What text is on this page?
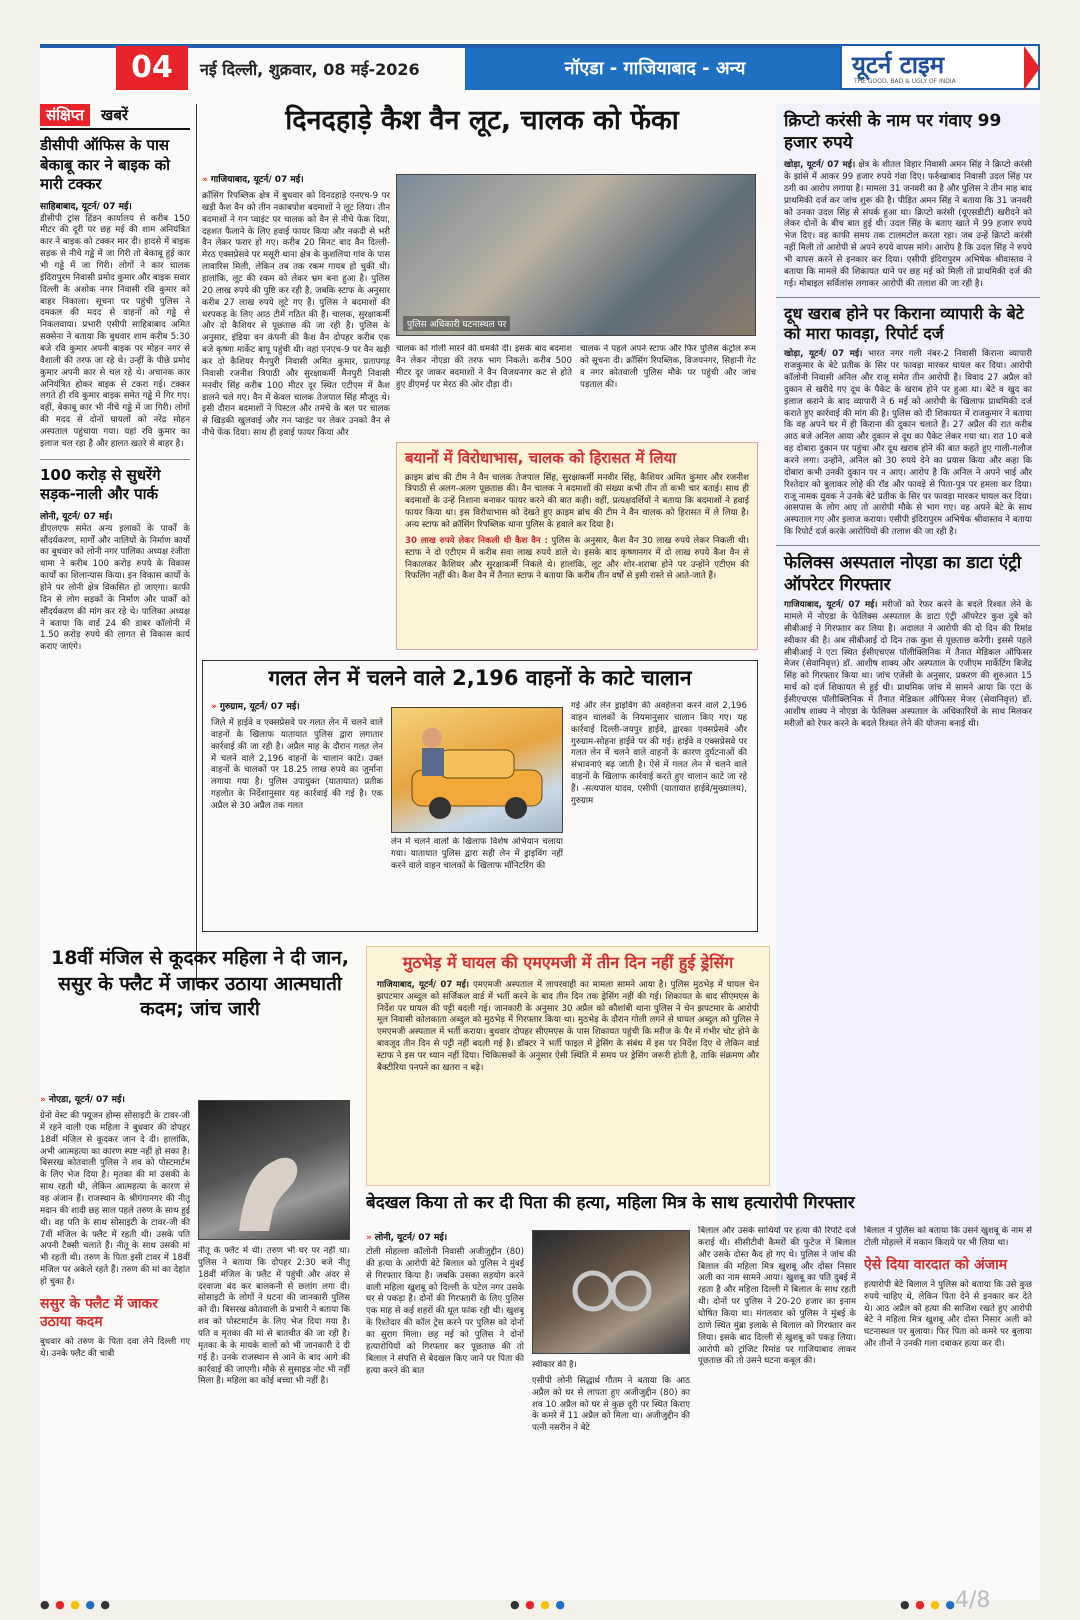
04	नई दिल्ली, शुक्रवार, 08 मई-2026	नॉएडा - गाजियाबाद - अन्य	यूटर्न टाइम
THE GOOD, BAD & UGLY OF INDIA
संक्षिप्त खबरें
डीसीपी ऑफिस के पास बेकाबू कार ने बाइक को मारी टक्कर
साहिबाबाद, यूटर्न/ 07 मई।
डीसीपी ट्रांस हिंडन कार्यालय से करीब 150 मीटर की दूरी पर छह मई की शाम अनियंत्रित कार ने बाइक को टक्कर मार दी। हादसे में बाइक सड़क से नीचे गड्ढे में जा गिरी तो बेकाबू हुई कार भी गड्ढे में जा गिरी। लोगों ने कार चालक इंदिरापुरम निवासी प्रमोद कुमार और बाइक सवार दिल्ली के अशोक नगर निवासी रवि कुमार को बाहर निकाला। सूचना पर पहुंची पुलिस ने दमकल की मदद से वाहनों को गड्ढे से निकलवाया। प्रभारी एसीपी साहिबाबाद अमित सक्सेना ने बताया कि बुधवार शाम करीब 5:30 बजे रवि कुमार अपनी बाइक पर मोहन नगर से वैशाली की तरफ जा रहे थे। उन्हीं के पीछे प्रमोद कुमार अपनी कार से चल रहे थे। अचानक कार अनियंत्रित होकर बाइक से टकरा गई। टक्कर लगते ही रवि कुमार बाइक समेत गड्ढे में गिर गए। वहीं, बेकाबू कार भी नीचे गड्ढे में जा गिरी। लोगों की मदद से दोनों घायलों को नरेंद्र मोहन अस्पताल पहुंचाया गया। यहां रवि कुमार का इलाज चल रहा है और हालत खतरे से बाहर है।
100 करोड़ से सुधरेंगे सड़क-नाली और पार्क
लोनी, यूटर्न/ 07 मई।
डीएलएफ समेत अन्य इलाकों के पार्कों के सौंदर्यकरण, मार्गों और नालियों के निर्माण कार्यों का बुधवार को लोनी नगर पालिका अध्यक्ष रंजीता धामा ने करीब 100 करोड़ रुपये के विकास कार्यों का शिलान्यास किया। इन विकास कार्यों के होने पर लोनी क्षेत्र विकसित हो जाएगा। काफी दिन से लोग सड़कों के निर्माण और पार्कों को सौंदर्यकरण की मांग कर रहे थे। पालिका अध्यक्ष ने बताया कि वार्ड 24 की डाबर कॉलोनी में 1.50 करोड़ रुपये की लागत से विकास कार्य कराए जाएंगे।
दिनदहाड़े कैश वैन लूट, चालक को फेंका
» गाजियाबाद, यूटर्न/ 07 मई।
क्रॉसिंग रिपब्लिक क्षेत्र में बुधवार को दिनदहाड़े एनएच-9 पर खड़ी कैश वैन को तीन नकाबपोश बदमाशों ने लूट लिया। तीन बदमाशों ने गन प्वाइंट पर चालक को वैन से नीचे फेंक दिया, दहशत फैलाने के लिए हवाई फायर किया और नकदी से भरी वैन लेकर फरार हो गए। करीब 20 मिनट बाद वैन दिल्ली-मेरठ एक्सप्रेसवे पर मसूरी थाना क्षेत्र के कुशलिया गांव के पास लावारिस मिली, लेकिन तब तक रकम गायब हो चुकी थी। हालांकि, लूट की रकम को लेकर भ्रम बना हुआ है। पुलिस 20 लाख रुपये की पुष्टि कर रही है, जबकि स्टाफ के अनुसार करीब 27 लाख रुपये लूटे गए हैं। पुलिस ने बदमाशों की धरपकड़ के लिए आठ टीमें गठित की हैं। चालक, सुरक्षाकर्मी और दो कैशियर से पूछताछ की जा रही है। पुलिस के अनुसार, इंडिया वन कंपनी की कैश वैन दोपहर करीब एक बजे कृष्णा मार्केट बापू पहुंची थी। वहां एनएच-9 पर वैन खड़ी कर दो कैशियर मैनपुरी निवासी अमित कुमार, प्रतापगढ़ निवासी रजनीश त्रिपाठी और सुरक्षाकर्मी मैनपुरी निवासी मनवीर सिंह करीब 100 मीटर दूर स्थित एटीएम में कैश डालने चले गए। वैन में केवल चालक तेजपाल सिंह मौजूद थे। इसी दौरान बदमाशों ने पिस्टल और तमंचे के बल पर चालक से खिड़की खुलवाई और गन प्वाइंट पर लेकर उनको वैन से नीचे फेंक दिया। साथ ही हवाई फायर किया और
पुलिस अधिकारी घटनास्थल पर
चालक को गोली मारने की धमकी दी। इसके बाद बदमाश वैन लेकर नोएडा की तरफ भाग निकले। करीब 500 मीटर दूर जाकर बदमाशों ने वैन विजयनगर कट से होते हुए डीएमई पर मेरठ की ओर दौड़ा दी।
चालक ने पहले अपने स्टाफ और फिर पुलिस कंट्रोल रूम को सूचना दी। क्रॉसिंग रिपब्लिक, विजयनगर, सिहानी गेट व नगर कोतवाली पुलिस मौके पर पहुंची और जांच पड़ताल की।
बयानों में विरोधाभास, चालक को हिरासत में लिया
क्राइम ब्रांच की टीम ने वैन चालक तेजपाल सिंह, सुरक्षाकर्मी मनवीर सिंह, कैशियर अमित कुमार और रजनीश त्रिपाठी से अलग-अलग पूछताछ की। वैन चालक ने बदमाशों की संख्या कभी तीन तो कभी चार बताई। साथ ही बदमाशों के उन्हें निशाना बनाकर फायर करने की बात कही। वहीं, प्रत्यक्षदर्शियों ने बताया कि बदमाशों ने हवाई फायर किया था। इस विरोधाभास को देखते हुए क्राइम ब्रांच की टीम ने वैन चालक को हिरासत में ले लिया है। अन्य स्टाफ को क्रॉसिंग रिपब्लिक थाना पुलिस के हवाले कर दिया है।
30 लाख रुपये लेकर निकली थी कैश वैन : पुलिस के अनुसार, कैश वैन 30 लाख रुपये लेकर निकली थी। स्टाफ ने दो एटीएम में करीब सवा लाख रुपये डाले थे। इसके बाद कृष्णानगर में दो लाख रुपये कैश वैन से निकालकर कैशियर और सुरक्षाकर्मी निकले थे। हालांकि, लूट और शोर-शराबा होने पर उन्होंने एटीएम की रिफलिंग नहीं की। कैश वैन में तैनात स्टाफ ने बताया कि करीब तीन वर्षों से इसी रास्ते से आते-जाते हैं।
गलत लेन में चलने वाले 2,196 वाहनों के काटे चालान
» गुरुग्राम, यूटर्न/ 07 मई।
जिले में हाईवे व एक्सप्रेसवे पर गलत लेन में चलने वाले वाहनों के खिलाफ यातायात पुलिस द्वारा लगातार कार्रवाई की जा रही है। अप्रैल माह के दौरान गलत लेन में चलने वाले 2,196 वाहनों के चालान काटे। उक्त वाहनों के चालकों पर 18.25 लाख रुपये का जुर्माना लगाया गया है। पुलिस उपायुक्त (यातायात) प्रतीक गहलोत के निर्देशानुसार यह कार्रवाई की गई है। एक अप्रैल से 30 अप्रैल तक गलत
लेन में चलने वालों के खिलाफ विशेष अभियान चलाया गया। यातायात पुलिस द्वारा सही लेन में ड्राइविंग नहीं करने वाले वाहन चालकों के खिलाफ मॉनिटरिंग की
गई और लेन ड्राइविंग की अवहेलना करने वाले 2,196 वाहन चालकों के नियमानुसार चालान किए गए। यह कार्रवाई दिल्ली-जयपुर हाईवे, द्वारका एक्सप्रेसवे और गुरुग्राम-सोहना हाईवे पर की गई। हाईवे व एक्सप्रेसवे पर गलत लेन में चलने वाले वाहनों के कारण दुर्घटनाओं की संभावनाएं बढ़ जाती है। ऐसे में गलत लेन में चलने वाले वाहनों के खिलाफ कार्रवाई करते हुए चालान काटे जा रहे हैं। -सत्यपाल यादव, एसीपी (यातायात हाईवे/मुख्यालय), गुरुग्राम
क्रिप्टो करंसी के नाम पर गंवाए 99 हजार रुपये
खोड़ा, यूटर्न/ 07 मई। क्षेत्र के शीतल विहार निवासी अमन सिंह ने क्रिप्टो करंसी के झांसे में आकर 99 हजार रुपये गंवा दिए। फर्रुखाबाद निवासी उदल सिंह पर ठगी का आरोप लगाया है। मामला 31 जनवरी का है और पुलिस ने तीन माह बाद प्राथमिकी दर्ज कर जांच शुरू की है। पीड़ित अमन सिंह ने बताया कि 31 जनवरी को उनका उदल सिंह से संपर्क हुआ था। क्रिप्टो करंसी (यूएसडीटी) खरीदने को लेकर दोनों के बीच बात हुई थी। उदल सिंह के बताए खाते में 99 हजार रुपये भेज दिए। वह काफी समय तक टालमटोल करता रहा। जब उन्हें क्रिप्टो करंसी नहीं मिली तो आरोपी से अपने रुपये वापस मांगे। आरोप है कि उदल सिंह ने रुपये भी वापस करने से इनकार कर दिया। एसीपी इंदिरापुरम अभिषेक श्रीवास्तव ने बताया कि मामले की शिकायत थाने पर छह मई को मिली तो प्राथमिकी दर्ज की गई। मोबाइल सर्विलांस लगाकर आरोपी की तलाश की जा रही है।
दूध खराब होने पर किराना व्यापारी के बेटे को मारा फावड़ा, रिपोर्ट दर्ज
खोड़ा, यूटर्न/ 07 मई। भारत नगर गली नंबर-2 निवासी किराना व्यापारी राजकुमार के बेटे प्रतीक के सिर पर फावड़ा मारकर घायल कर दिया। आरोपी कॉलोनी निवासी अनिल और राजू समेत तीन आरोपी है। विवाद 27 अप्रैल को दुकान से खरीदे गए दूध के पैकेट के खराब होने पर हुआ था। बेटे व खुद का इलाज कराने के बाद व्यापारी ने 6 मई को आरोपी के खिलाफ प्राथमिकी दर्ज कराते हुए कार्रवाई की मांग की है। पुलिस को दी शिकायत में राजकुमार ने बताया कि वह अपने घर में ही किराना की दुकान चलाते हैं। 27 अप्रैल की रात करीब आठ बजे अनिल आया और दुकान से दूध का पैकेट लेकर गया था। रात 10 बजे वह दोबारा दुकान पर पहुंचा और दूध खराब होने की बात कहते हुए गाली-गलौज करने लगा। उन्होंने, अनिल को 30 रुपये देने का प्रयास किया और कहा कि दोबारा कभी उनकी दुकान पर न आए। आरोप है कि अनिल ने अपने भाई और रिश्तेदार को बुलाकर लोहे की रॉड और फावड़े से पिता-पुत्र पर हमला कर दिया। राजू नामक युवक ने उनके बेटे प्रतीक के सिर पर फावड़ा मारकर घायल कर दिया। आसपास के लोग आए तो आरोपी मौके से भाग गए। वह अपने बेटे के साथ अस्पताल गए और इलाज कराया। एसीपी इंदिरापुरम अभिषेक श्रीवास्तव ने बताया कि रिपोर्ट दर्ज करके आरोपियों की तलाश की जा रही है।
फेलिक्स अस्पताल नोएडा का डाटा एंट्री ऑपरेटर गिरफ्तार
गाजियाबाद, यूटर्न/ 07 मई। मरीजों को रेफर करने के बदले रिश्वत लेने के मामले में नोएडा के फेलिक्स अस्पताल के डाटा एंट्री ऑपरेटर कुश दुबे को सीबीआई ने गिरफ्तार कर लिया है। अदालत ने आरोपी की दो दिन की रिमांड स्वीकार की है। अब सीबीआई दो दिन तक कुश से पूछताछ करेगी। इससे पहले सीबीआई ने एटा स्थित ईसीएचएस पॉलीक्लिनिक में तैनात मेडिकल ऑफिसर मेजर (सेवानिवृत्त) डॉ. आशीष शाक्य और अस्पताल के एजीएम मार्केटिंग बिजेंद्र सिंह को गिरफ्तार किया था। जांच एजेंसी के अनुसार, प्रकरण की शुरुआत 15 मार्च को दर्ज शिकायत से हुई थी। प्राथमिक जांच में सामने आया कि एटा के ईसीएचएस पॉलीक्लिनिक में तैनात मेडिकल ऑफिसर मेजर (सेवानिवृत्त) डॉ. आशीष शाक्य ने नोएडा के फेलिक्स अस्पताल के अधिकारियों के साथ मिलकर मरीजों को रेफर करने के बदले रिश्वत लेने की योजना बनाई थी।
18वीं मंजिल से कूदकर महिला ने दी जान, ससुर के फ्लैट में जाकर उठाया आत्मघाती कदम; जांच जारी
» नोएडा, यूटर्न/ 07 मई।
ग्रेनो वेस्ट की फ्यूजन होम्स सोसाइटी के टावर-जी में रहने वाली एक महिला ने बुधवार की दोपहर 18वीं मंजिल से कूदकर जान दे दी। हालांकि, अभी आत्महत्या का कारण स्पष्ट नहीं हो सका है। बिसरख कोतवाली पुलिस ने शव को पोस्टमार्टम के लिए भेज दिया है। मृतका की मां उसकी के साथ रहती थी, लेकिन आत्महत्या के कारण से वह अंजान हैं। राजस्थान के श्रीगंगानगर की नीतू मदान की शादी छह साल पहले तरुण के साथ हुई थी। वह पति के साथ सोसाइटी के टावर-जी की 7वीं मंजिल के फ्लैट में रहती थी। उसके पति अपनी टैक्सी चलाते हैं। नीतू के साथ उसकी मां भी रहती थी। तरुण के पिता इसी टावर में 18वीं मंजिल पर अकेले रहते हैं। तरुण की मां का देहांत हो चुका है।
ससुर के फ्लैट में जाकर उठाया कदम
बुधवार को तरुण के पिता दवा लेने दिल्ली गए थे। उनके फ्लैट की चाबी
नीतू के फ्लैट में थी। तरुण भी घर पर नहीं था। पुलिस ने बताया कि दोपहर 2:30 बजे नीतू 18वीं मंजिल के फ्लैट में पहुंची और अंदर से दरवाजा बंद कर बालकनी से छलांग लगा दी। सोसाइटी के लोगों ने घटना की जानकारी पुलिस को दी। बिसरख कोतवाली के प्रभारी ने बताया कि शव को पोस्टमार्टम के लिए भेज दिया गया है। पति व मृतका की मां से बातचीत की जा रही है। मृतका के के मायके वालों को भी जानकारी दे दी गई है। उनके राजस्थान से आने के बाद आगे की कार्रवाई की जाएगी। मौके से सुसाइड नोट भी नहीं मिला है। महिला का कोई बच्चा भी नहीं है।
मुठभेड़ में घायल की एमएमजी में तीन दिन नहीं हुई ड्रेसिंग
गाजियाबाद, यूटर्न/ 07 मई। एमएमजी अस्पताल में लापरवाही का मामला सामने आया है। पुलिस मुठभेड़ में घायल चेन झपटमार अब्दुल को सर्जिकल वार्ड में भर्ती करने के बाद तीन दिन तक ड्रेसिंग नहीं की गई। शिकायत के बाद सीएमएस के निर्देश पर घायल की पट्टी बदली गई। जानकारी के अनुसार 30 अप्रैल को कौशांबी थाना पुलिस ने चेन झपटमार के आरोपी मूल निवासी कोलकाता अब्दुल को मुठभेड़ में गिरफ्तार किया था। मुठभेड़ के दौरान गोली लगने से घायल अब्दुल को पुलिस ने एमएमजी अस्पताल में भर्ती कराया। बुधवार दोपहर सीएमएस के पास शिकायत पहुंची कि मरीज के पैर में गंभीर चोट होने के बावजूद तीन दिन से पट्टी नहीं बदली गई है। डॉक्टर ने भर्ती फाइल में ड्रेसिंग के संबंध में इस पर निर्देश दिए थे लेकिन वार्ड स्टाफ ने इस पर ध्यान नहीं दिया। चिकित्सकों के अनुसार ऐसी स्थिति में समय पर ड्रेसिंग जरूरी होती है, ताकि संक्रमण और बैक्टीरिया पनपने का खतरा न बढ़े।
बेदखल किया तो कर दी पिता की हत्या, महिला मित्र के साथ हत्यारोपी गिरफ्तार
» लोनी, यूटर्न/ 07 मई।
टोली मोहल्ला कॉलोनी निवासी अजीजुद्दीन (80) की हत्या के आरोपी बेटे बिलाल को पुलिस ने मुंबई से गिरफ्तार किया है। जबकि उसका सहयोग करने वाली महिला खुशबू को दिल्ली के पटेल नगर उसके घर से पकड़ा है। दोनों की गिरफ्तारी के लिए पुलिस एक माह से कई शहरों की धूल फांक रही थी। खुशबू के रिश्तेदार की कॉल ट्रेस करने पर पुलिस को दोनों का सुराग मिला। छह मई को पुलिस ने दोनों हत्यारोपियों को गिरफ्तार कर पूछताछ की तो बिलाल ने संपत्ति से बेदखल किए जाने पर पिता की हत्या करने की बात
स्वीकार की है।
एसीपी लोनी सिद्धार्थ गौतम ने बताया कि आठ अप्रैल को घर से लापता हुए अजीजुद्दीन (80) का शव 10 अप्रैल को घर से कुछ दूरी पर स्थित किराए के कमरे में 11 अप्रैल को मिला था। अजीजुद्दीन की पत्नी नसरीन ने बेटे
बिलाल और उसके साथियों पर हत्या की रिपोर्ट दर्ज कराई थी। सीसीटीवी कैमरों की फुटेज में बिलाल और उसके दोस्त कैद हो गए थे। पुलिस ने जांच की बिलाल की महिला मित्र खुशबू और दोस्त निसार अली का नाम सामने आया। खुशबू का पति दुबई में रहता है और महिला दिल्ली में बिलाल के साथ रहती थी। दोनों पर पुलिस ने 20-20 हजार का इनाम घोषित किया था। मंगलवार को पुलिस ने मुंबई के ठाणे स्थित मुंब्रा इलाके से बिलाल को गिरफ्तार कर लिया। इसके बाद दिल्ली से खुशबू को पकड़ लिया। आरोपी को ट्रांजिट रिमांड पर गाजियाबाद लाकर पूछताछ की तो उसने घटना कबूल की।
बिलाल ने पुलिस को बताया कि उसने खुशबू के नाम से टोली मोहल्ले में मकान किराये पर भी लिया था।
ऐसे दिया वारदात को अंजाम
हत्यारोपी बेटे बिलाल ने पुलिस को बताया कि उसे कुछ रुपये चाहिए थे, लेकिन पिता देने से इनकार कर देते थे। आठ अप्रैल को हत्या की साजिश रखते हुए आरोपी बेटे ने महिला मित्र खुशबू और दोस्त निसार अली को घटनास्थल पर बुलाया। फिर पिता को कमरे पर बुलाया और तीनों ने उनकी गला दबाकर हत्या कर दी।
● ● ● ● ●	● ● ● ●	● ● ● ● 4/8
